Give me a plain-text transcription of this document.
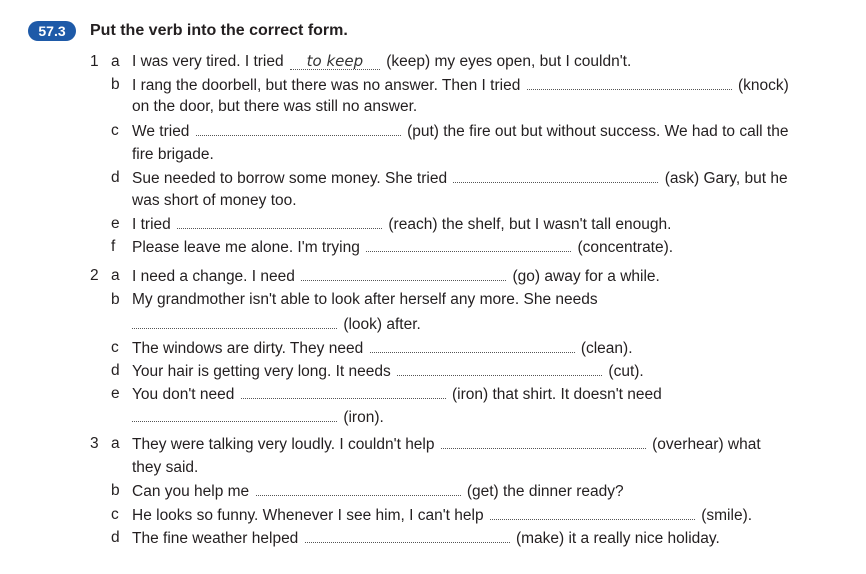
57.3	Put the verb into the correct form.
1 a I was very tired. I tried to keep (keep) my eyes open, but I couldn't.
b I rang the doorbell, but there was no answer. Then I tried	(knock)
on the door, but there was still no answer.
c We tried	(put) the fire out but without success. We had to call the
fire brigade.
d Sue needed to borrow some money. She tried	(ask) Gary, but he
was short of money too.
e I tried	(reach) the shelf, but I wasn't tall enough.
f Please leave me alone. I'm trying	(concentrate).
2 a I need a change. I need	(go) away for a while.
b My grandmother isn't able to look after herself any more. She needs
(look) after.
c The windows are dirty. They need	(clean).
d Your hair is getting very long. It needs	(cut).
e You don't need	(iron) that shirt. It doesn't need
(iron).
3 a They were talking very loudly. I couldn't help	(overhear) what
they said.
b Can you help me	(get) the dinner ready?
c He looks so funny. Whenever I see him, I can't help	(smile).
d The fine weather helped	(make) it a really nice holiday.
